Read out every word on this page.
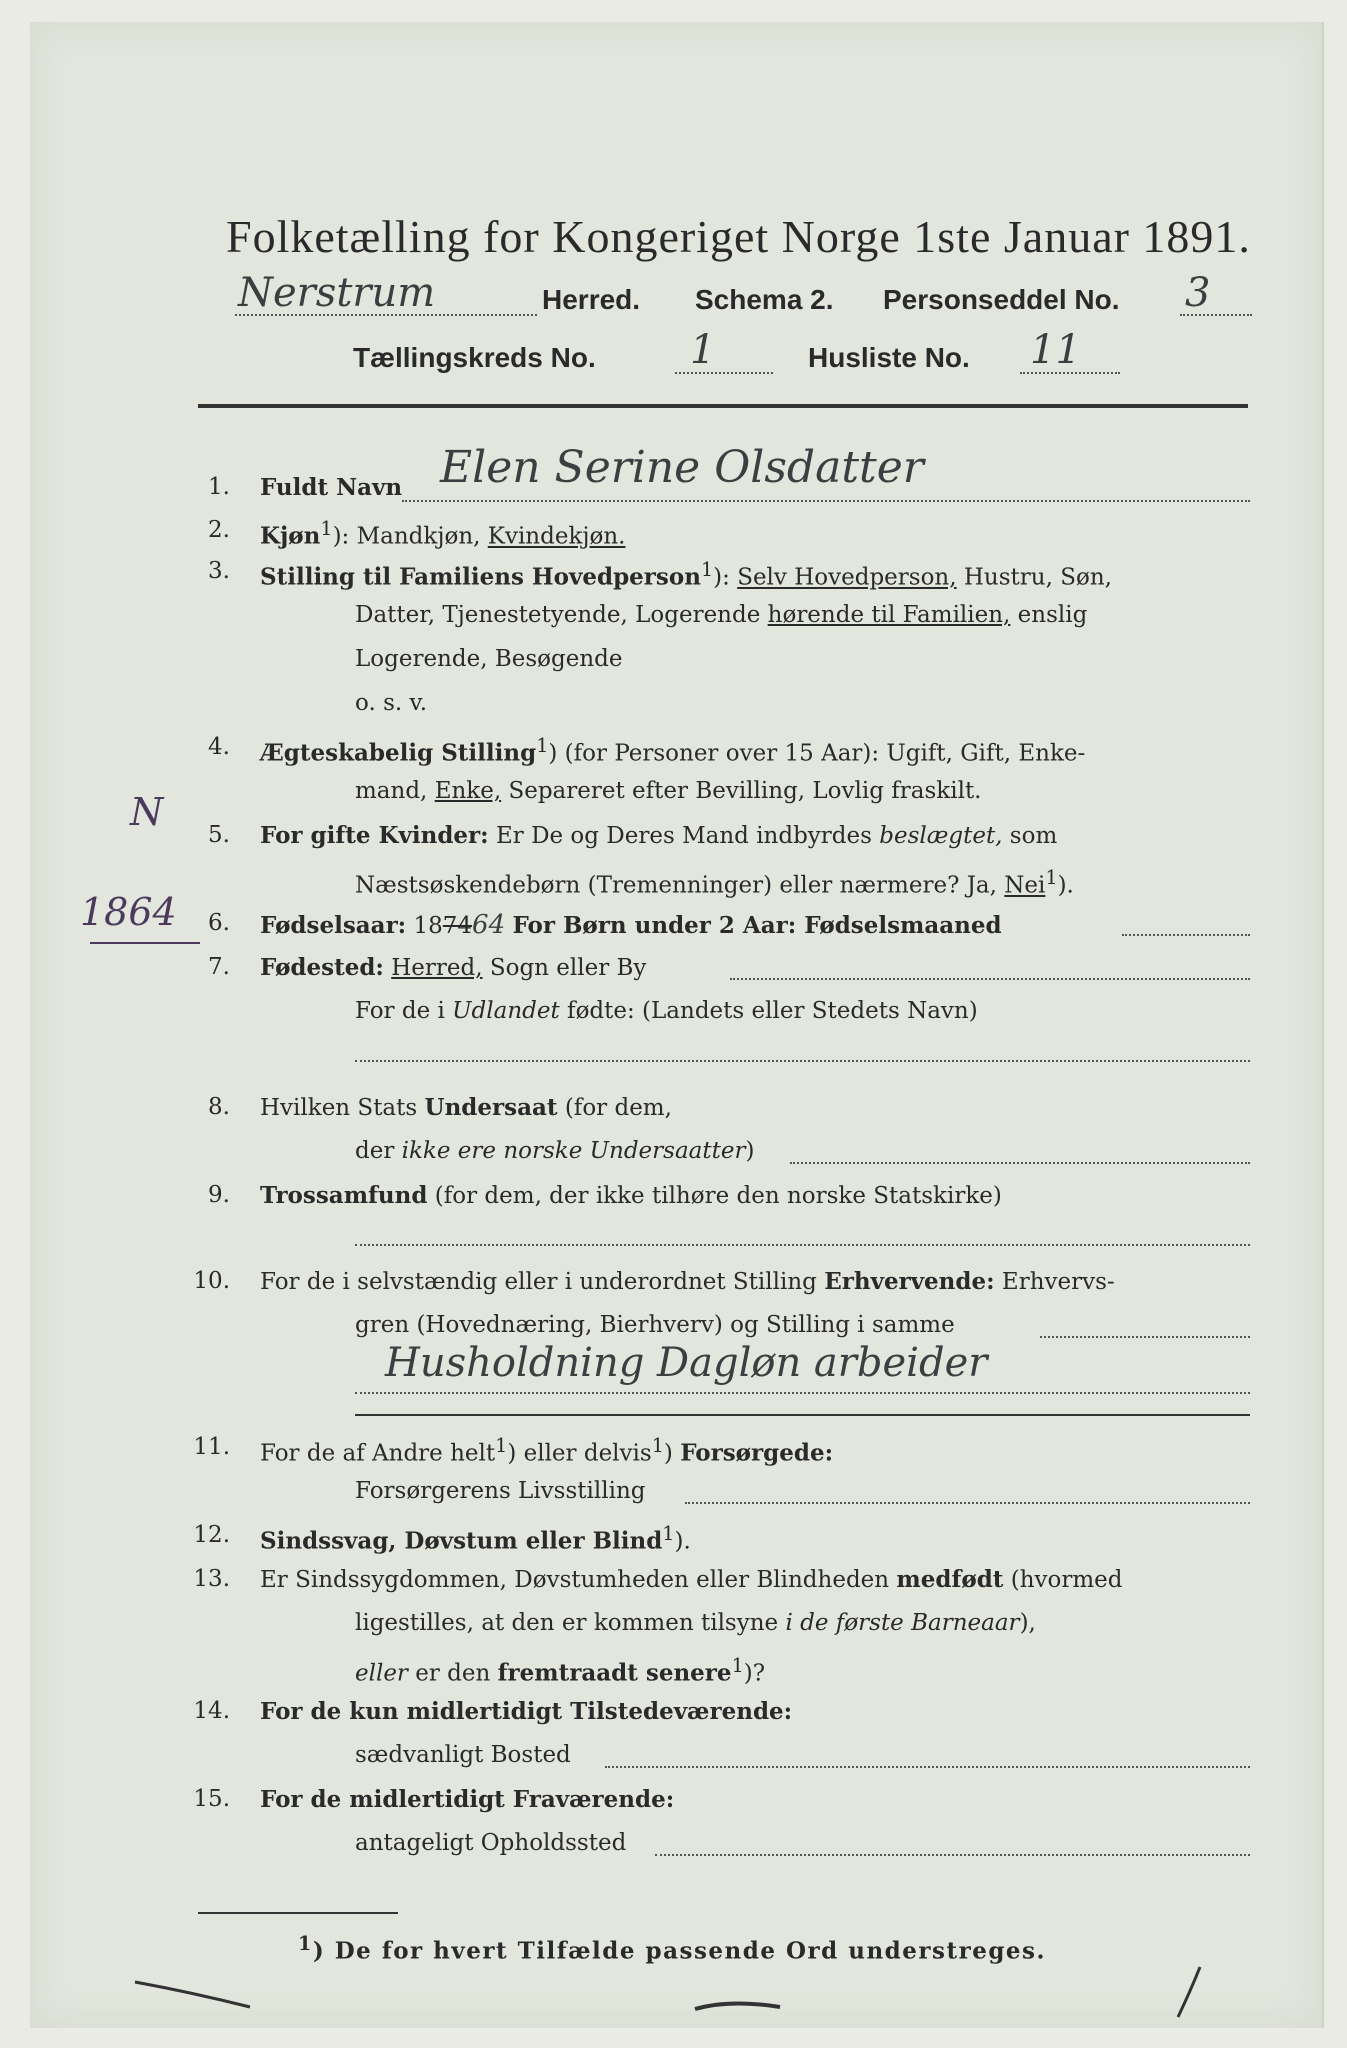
Folketælling for Kongeriget Norge 1ste Januar 1891.
Nerstrum	Herred. Schema 2. Personseddel No. 3
Tællingskreds No. 1	Husliste No. 11
N
1864
1. Fuldt Navn Elen Serine Olsdatter
2. Kjøn$^1$): Mandkjøn, Kvindekjøn.
3. Stilling til Familiens Hovedperson$^1$): Selv Hovedperson, Hustru, Søn,
Datter, Tjenestetyende, Logerende hørende til Familien, enslig
Logerende, Besøgende
o. s. v.
4. Ægteskabelig Stilling$^1$) (for Personer over 15 Aar): Ugift, Gift, Enke-
mand, Enke, Separeret efter Bevilling, Lovlig fraskilt.
5. For gifte Kvinder: Er De og Deres Mand indbyrdes beslægtet, som
Næstsøskendebørn (Tremenninger) eller nærmere? Ja, Nei$^1$).
6. Fødselsaar: 187464 For Børn under 2 Aar: Fødselsmaaned
7. Fødested: Herred, Sogn eller By
For de i Udlandet fødte: (Landets eller Stedets Navn)
8. Hvilken Stats Undersaat (for dem,
der ikke ere norske Undersaatter)
9. Trossamfund (for dem, der ikke tilhøre den norske Statskirke)
10. For de i selvstændig eller i underordnet Stilling Erhvervende: Erhvervs-
gren (Hovednæring, Bierhverv) og Stilling i samme
Husholdning Dagløn arbeider
11. For de af Andre helt$^1$) eller delvis$^1$) Forsørgede:
Forsørgerens Livsstilling
12. Sindssvag, Døvstum eller Blind$^1$).
13. Er Sindssygdommen, Døvstumheden eller Blindheden medfødt (hvormed
ligestilles, at den er kommen tilsyne i de første Barneaar),
eller er den fremtraadt senere$^1$)?
14. For de kun midlertidigt Tilstedeværende:
sædvanligt Bosted
15. For de midlertidigt Fraværende:
antageligt Opholdssted
$^1$) De for hvert Tilfælde passende Ord understreges.
